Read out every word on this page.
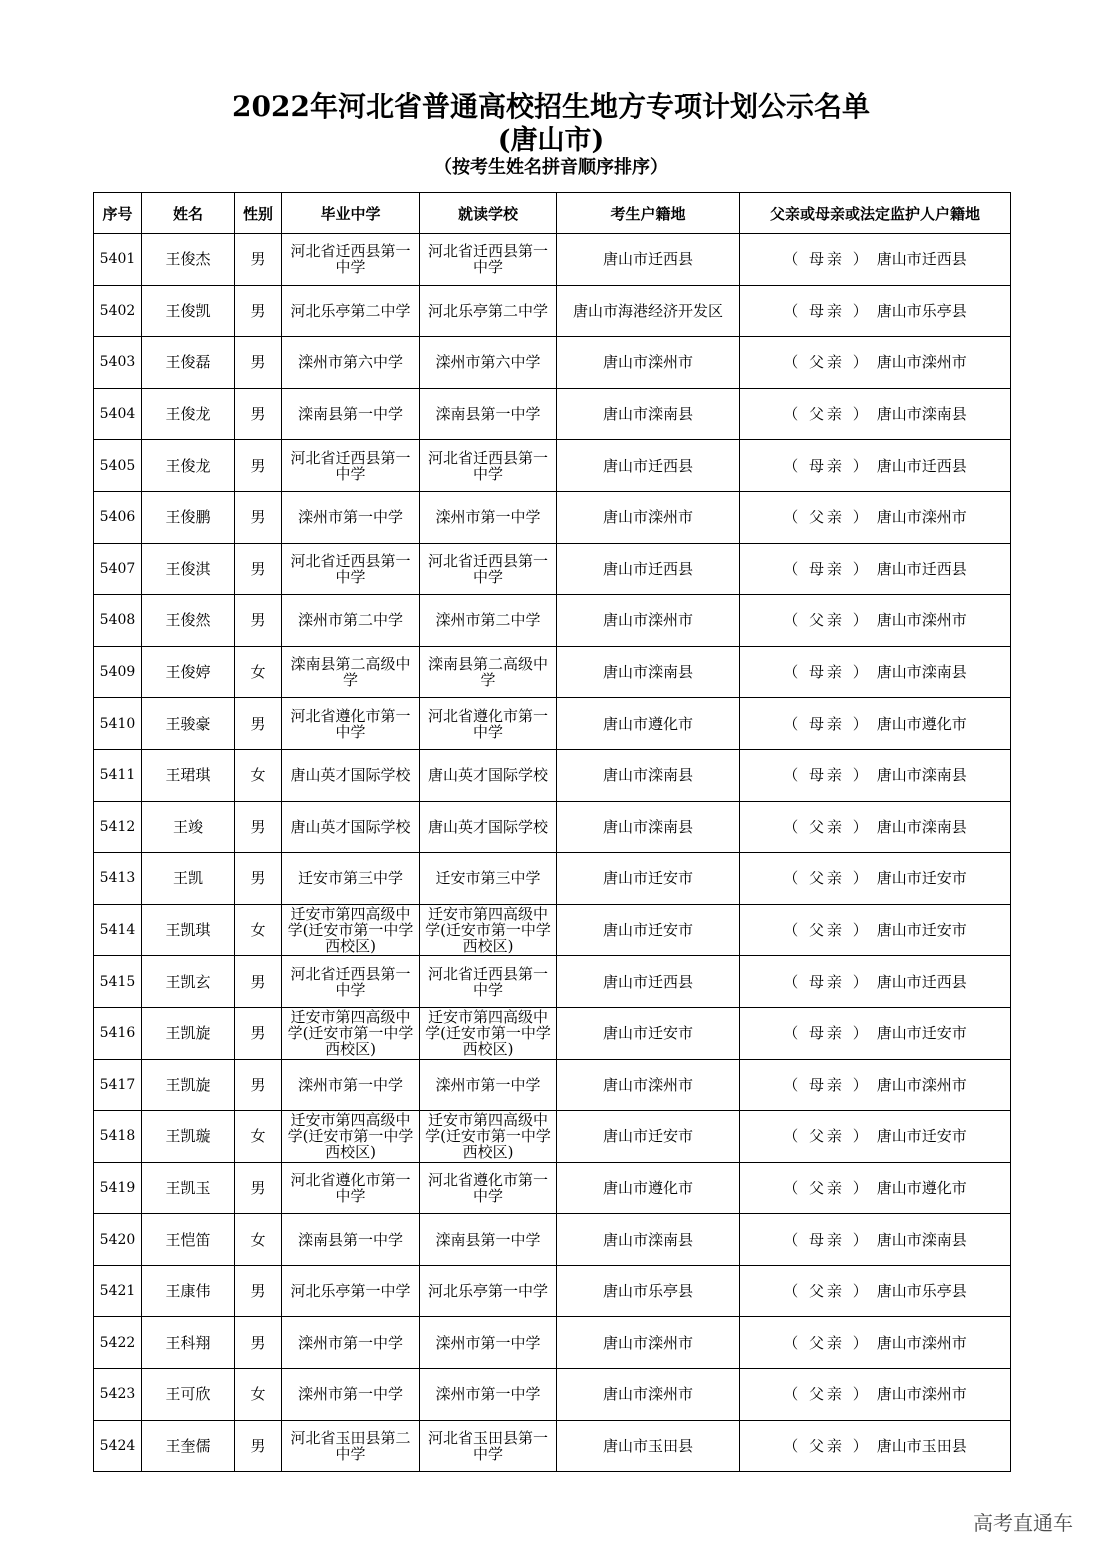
2022年河北省普通高校招生地方专项计划公示名单
(唐山市)
（按考生姓名拼音顺序排序）
序号	姓名	性别	毕业中学	就读学校	考生户籍地	父亲或母亲或法定监护人户籍地
5401	王俊杰	男	河北省迁西县第一中学	河北省迁西县第一中学	唐山市迁西县	（ 母亲 ） 唐山市迁西县
5402	王俊凯	男	河北乐亭第二中学	河北乐亭第二中学	唐山市海港经济开发区	（ 母亲 ） 唐山市乐亭县
5403	王俊磊	男	滦州市第六中学	滦州市第六中学	唐山市滦州市	（ 父亲 ） 唐山市滦州市
5404	王俊龙	男	滦南县第一中学	滦南县第一中学	唐山市滦南县	（ 父亲 ） 唐山市滦南县
5405	王俊龙	男	河北省迁西县第一中学	河北省迁西县第一中学	唐山市迁西县	（ 母亲 ） 唐山市迁西县
5406	王俊鹏	男	滦州市第一中学	滦州市第一中学	唐山市滦州市	（ 父亲 ） 唐山市滦州市
5407	王俊淇	男	河北省迁西县第一中学	河北省迁西县第一中学	唐山市迁西县	（ 母亲 ） 唐山市迁西县
5408	王俊然	男	滦州市第二中学	滦州市第二中学	唐山市滦州市	（ 父亲 ） 唐山市滦州市
5409	王俊婷	女	滦南县第二高级中学	滦南县第二高级中学	唐山市滦南县	（ 母亲 ） 唐山市滦南县
5410	王骏豪	男	河北省遵化市第一中学	河北省遵化市第一中学	唐山市遵化市	（ 母亲 ） 唐山市遵化市
5411	王珺琪	女	唐山英才国际学校	唐山英才国际学校	唐山市滦南县	（ 母亲 ） 唐山市滦南县
5412	王竣	男	唐山英才国际学校	唐山英才国际学校	唐山市滦南县	（ 父亲 ） 唐山市滦南县
5413	王凯	男	迁安市第三中学	迁安市第三中学	唐山市迁安市	（ 父亲 ） 唐山市迁安市
5414	王凯琪	女	迁安市第四高级中学(迁安市第一中学西校区)	迁安市第四高级中学(迁安市第一中学西校区)	唐山市迁安市	（ 父亲 ） 唐山市迁安市
5415	王凯玄	男	河北省迁西县第一中学	河北省迁西县第一中学	唐山市迁西县	（ 母亲 ） 唐山市迁西县
5416	王凯旋	男	迁安市第四高级中学(迁安市第一中学西校区)	迁安市第四高级中学(迁安市第一中学西校区)	唐山市迁安市	（ 母亲 ） 唐山市迁安市
5417	王凯旋	男	滦州市第一中学	滦州市第一中学	唐山市滦州市	（ 母亲 ） 唐山市滦州市
5418	王凯璇	女	迁安市第四高级中学(迁安市第一中学西校区)	迁安市第四高级中学(迁安市第一中学西校区)	唐山市迁安市	（ 父亲 ） 唐山市迁安市
5419	王凯玉	男	河北省遵化市第一中学	河北省遵化市第一中学	唐山市遵化市	（ 父亲 ） 唐山市遵化市
5420	王恺笛	女	滦南县第一中学	滦南县第一中学	唐山市滦南县	（ 母亲 ） 唐山市滦南县
5421	王康伟	男	河北乐亭第一中学	河北乐亭第一中学	唐山市乐亭县	（ 父亲 ） 唐山市乐亭县
5422	王科翔	男	滦州市第一中学	滦州市第一中学	唐山市滦州市	（ 父亲 ） 唐山市滦州市
5423	王可欣	女	滦州市第一中学	滦州市第一中学	唐山市滦州市	（ 父亲 ） 唐山市滦州市
5424	王奎儒	男	河北省玉田县第二中学	河北省玉田县第一中学	唐山市玉田县	（ 父亲 ） 唐山市玉田县
高考直通车
